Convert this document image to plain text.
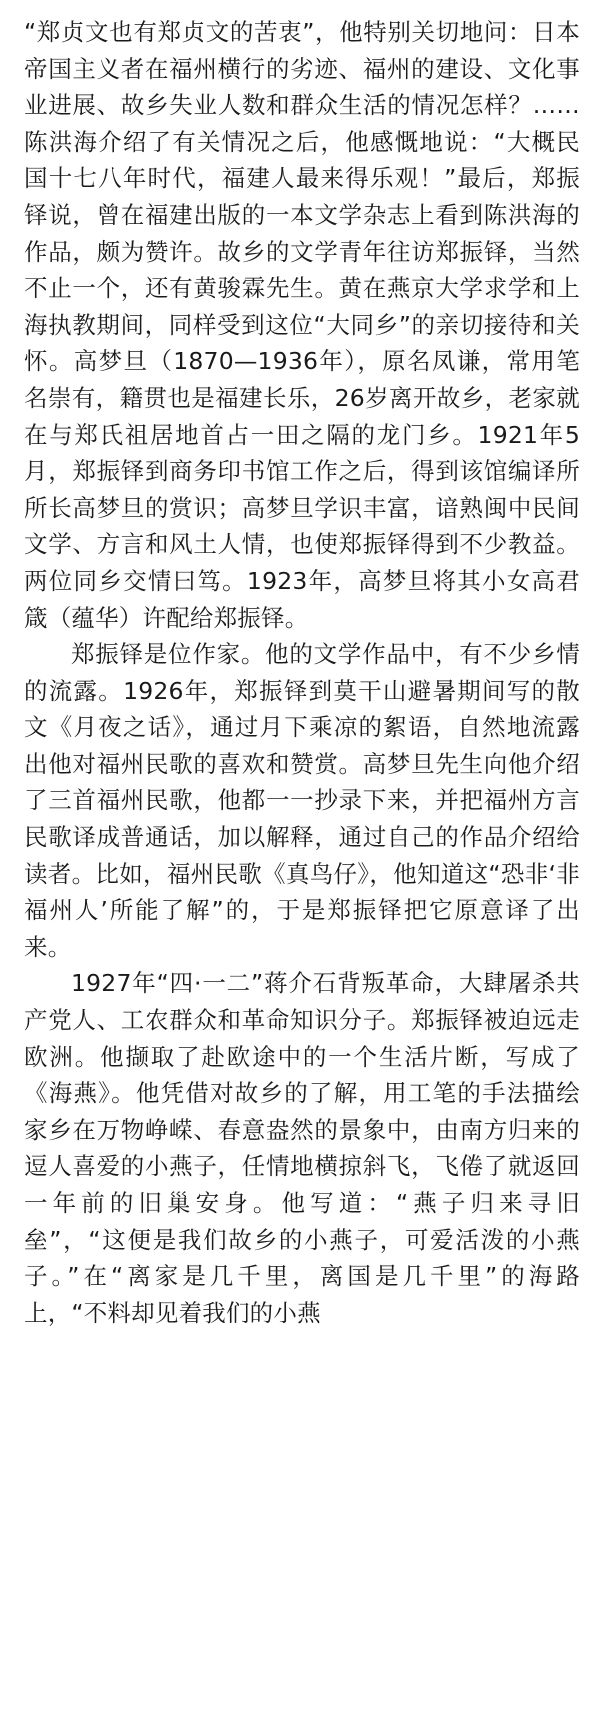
“郑贞文也有郑贞文的苦衷”，他特别关切地问：日本帝国主义者在福州横行的劣迹、福州的建设、文化事业进展、故乡失业人数和群众生活的情况怎样？……陈洪海介绍了有关情况之后，他感慨地说：“大概民国十七八年时代，福建人最来得乐观！”最后，郑振铎说，曾在福建出版的一本文学杂志上看到陈洪海的作品，颇为赞许。故乡的文学青年往访郑振铎，当然不止一个，还有黄骏霖先生。黄在燕京大学求学和上海执教期间，同样受到这位“大同乡”的亲切接待和关怀。高梦旦（1870—1936年），原名凤谦，常用笔名崇有，籍贯也是福建长乐，26岁离开故乡，老家就在与郑氏祖居地首占一田之隔的龙门乡。1921年5月，郑振铎到商务印书馆工作之后，得到该馆编译所所长高梦旦的赏识；高梦旦学识丰富，谙熟闽中民间文学、方言和风土人情，也使郑振铎得到不少教益。两位同乡交情曰笃。1923年，高梦旦将其小女高君箴（蕴华）许配给郑振铎。

郑振铎是位作家。他的文学作品中，有不少乡情的流露。1926年，郑振铎到莫干山避暑期间写的散文《月夜之话》，通过月下乘凉的絮语，自然地流露出他对福州民歌的喜欢和赞赏。高梦旦先生向他介绍了三首福州民歌，他都一一抄录下来，并把福州方言民歌译成普通话，加以解释，通过自己的作品介绍给读者。比如，福州民歌《真鸟仔》，他知道这“恐非‘非福州人’所能了解”的，于是郑振铎把它原意译了出来。

1927年“四·一二”蒋介石背叛革命，大肆屠杀共产党人、工农群众和革命知识分子。郑振铎被迫远走欧洲。他撷取了赴欧途中的一个生活片断，写成了《海燕》。他凭借对故乡的了解，用工笔的手法描绘家乡在万物峥嵘、春意盎然的景象中，由南方归来的逗人喜爱的小燕子，任情地横掠斜飞，飞倦了就返回一年前的旧巢安身。他写道：“燕子归来寻旧垒”，“这便是我们故乡的小燕子，可爱活泼的小燕子。”在“离家是几千里，离国是几千里”的海路上，“不料却见着我们的小燕
